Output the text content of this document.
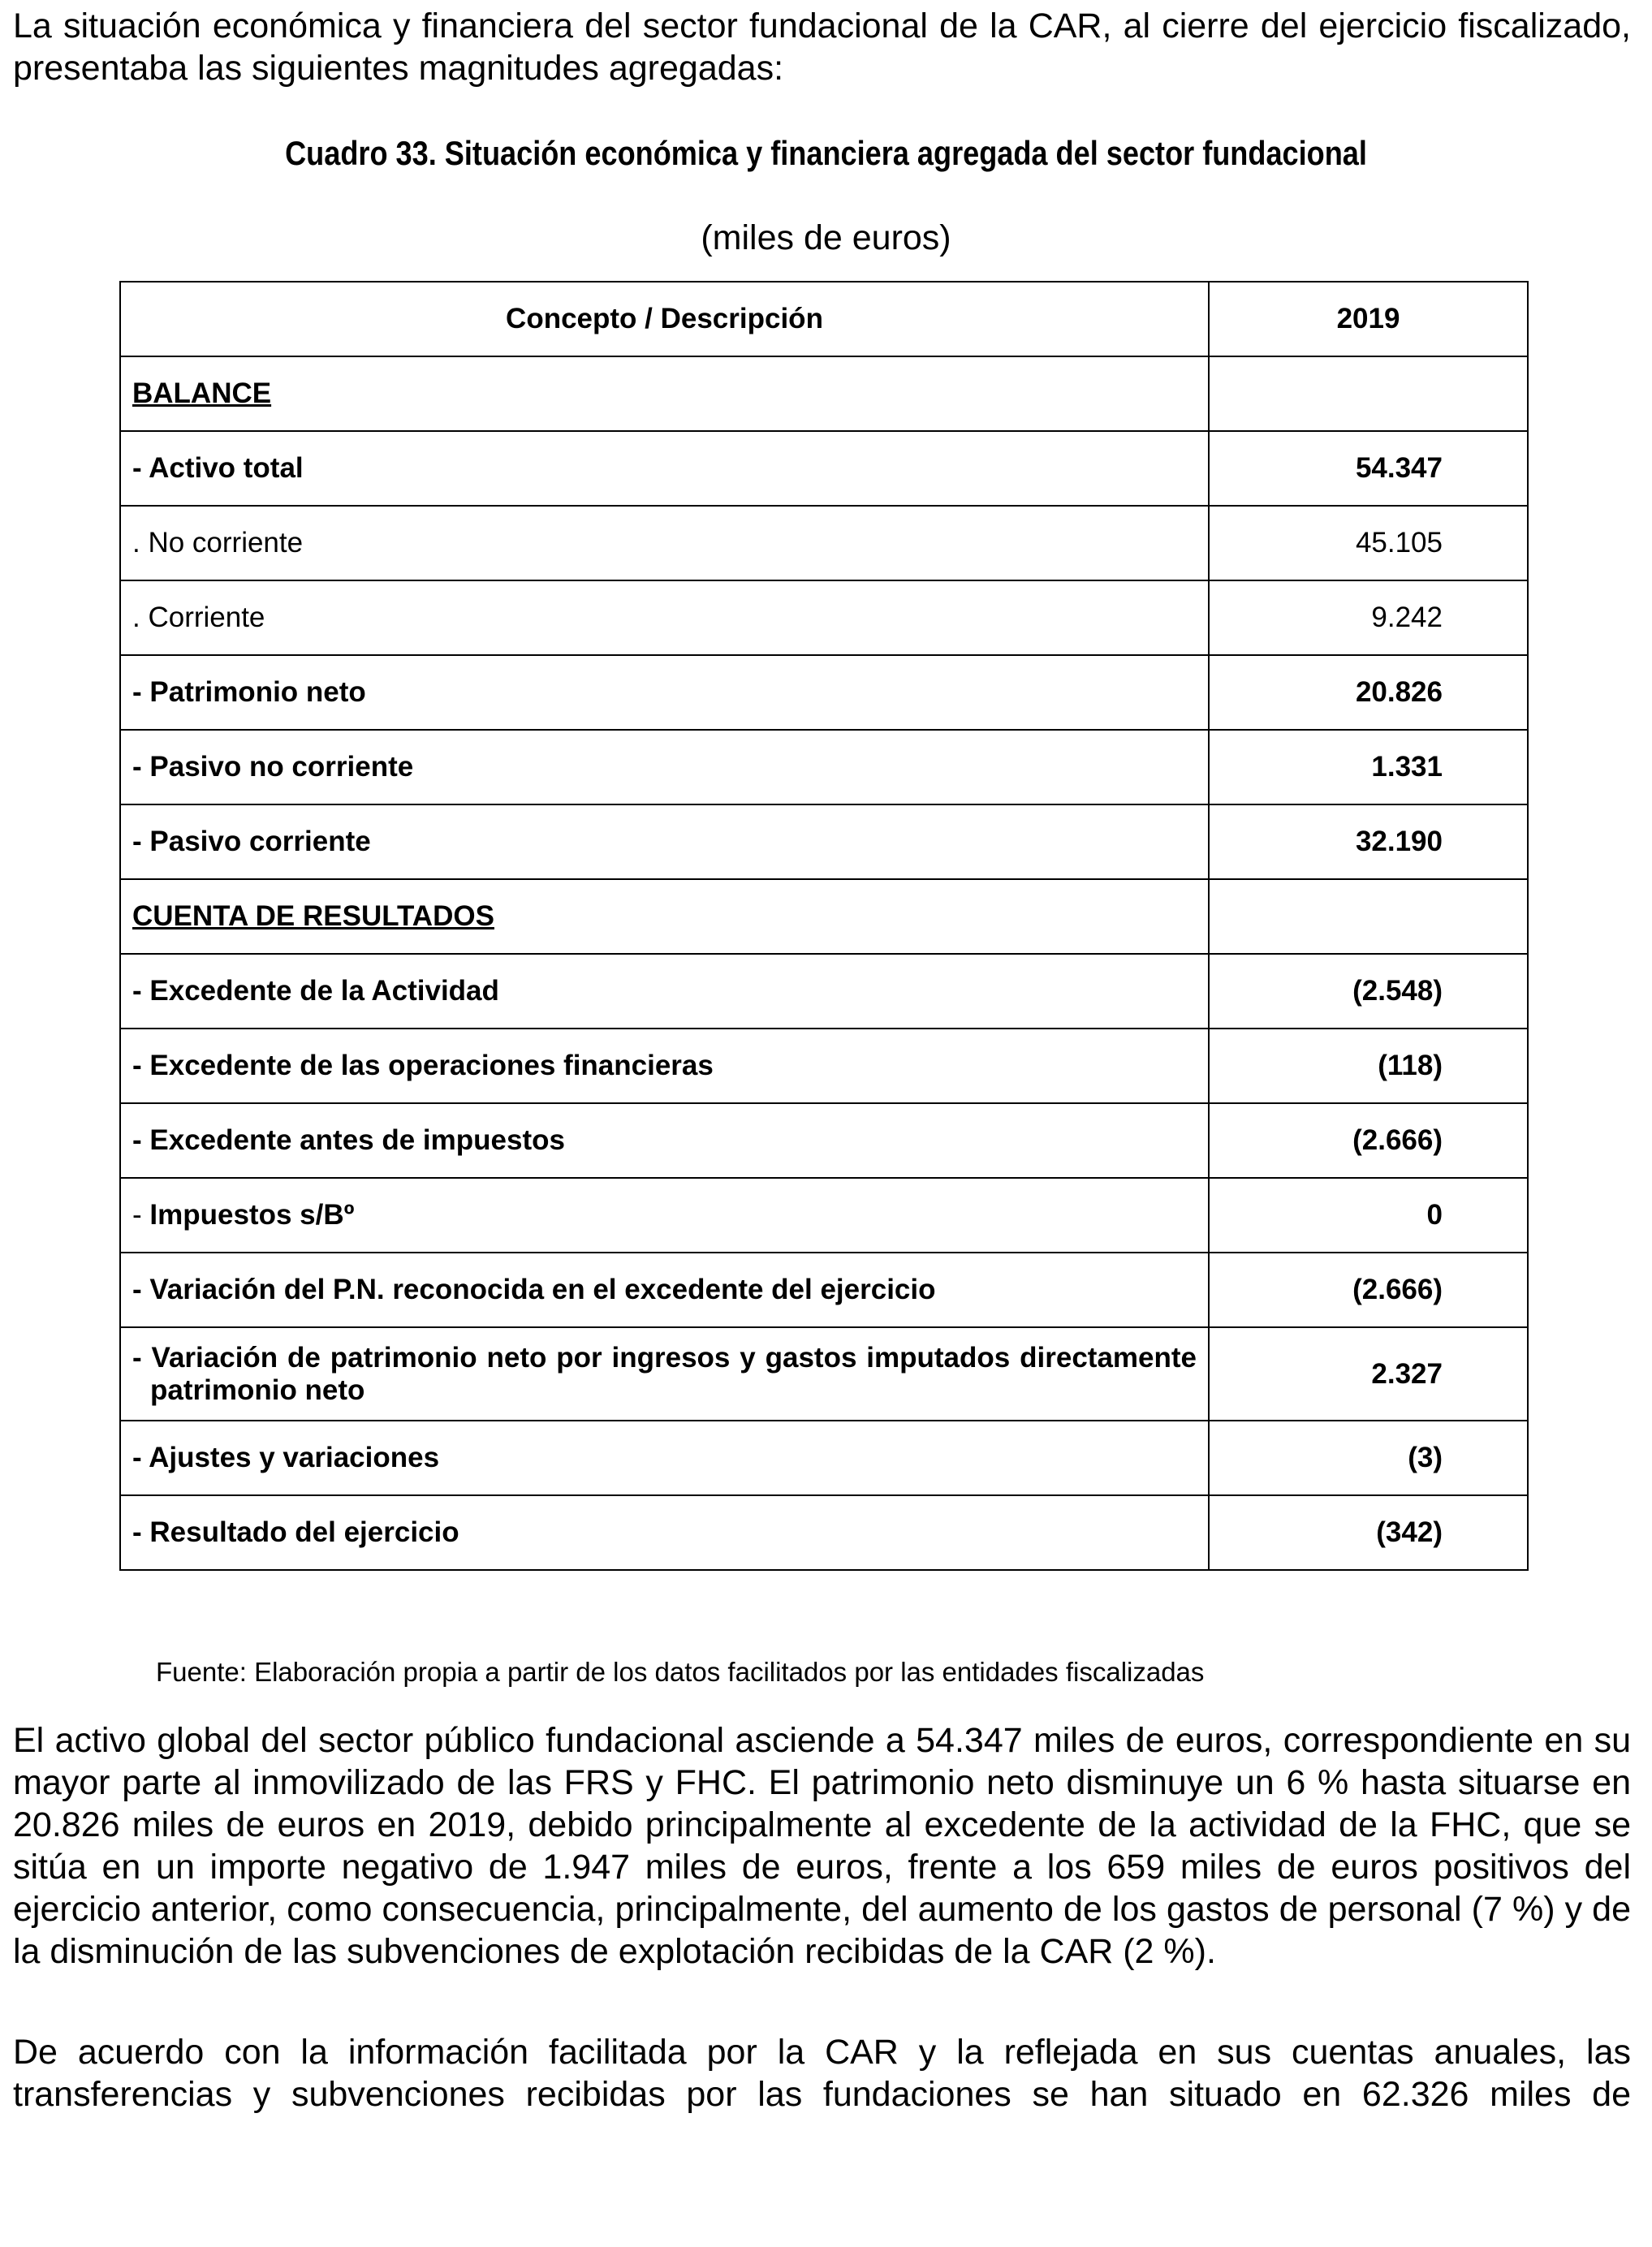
La situación económica y financiera del sector fundacional de la CAR, al cierre del ejercicio fiscalizado, presentaba las siguientes magnitudes agregadas:

Cuadro 33. Situación económica y financiera agregada del sector fundacional

(miles de euros)

Concepto / Descripción	2019
BALANCE	
- Activo total	54.347
. No corriente	45.105
. Corriente	9.242
- Patrimonio neto	20.826
- Pasivo no corriente	1.331
- Pasivo corriente	32.190
CUENTA DE RESULTADOS	
- Excedente de la Actividad	(2.548)
- Excedente de las operaciones financieras	(118)
- Excedente antes de impuestos	(2.666)
- Impuestos s/Bº	0
- Variación del P.N. reconocida en el excedente del ejercicio	(2.666)

- Variación de patrimonio neto por ingresos y gastos imputados directamente patrimonio neto	2.327
- Ajustes y variaciones	(3)
- Resultado del ejercicio	(342)

Fuente: Elaboración propia a partir de los datos facilitados por las entidades fiscalizadas

El activo global del sector público fundacional asciende a 54.347 miles de euros, correspondiente en su mayor parte al inmovilizado de las FRS y FHC. El patrimonio neto disminuye un 6 % hasta situarse en 20.826 miles de euros en 2019, debido principalmente al excedente de la actividad de la FHC, que se sitúa en un importe negativo de 1.947 miles de euros, frente a los 659 miles de euros positivos del ejercicio anterior, como consecuencia, principalmente, del aumento de los gastos de personal (7 %) y de la disminución de las subvenciones de explotación recibidas de la CAR (2 %).

De acuerdo con la información facilitada por la CAR y la reflejada en sus cuentas anuales, las transferencias y subvenciones recibidas por las fundaciones se han situado en 62.326 miles de
